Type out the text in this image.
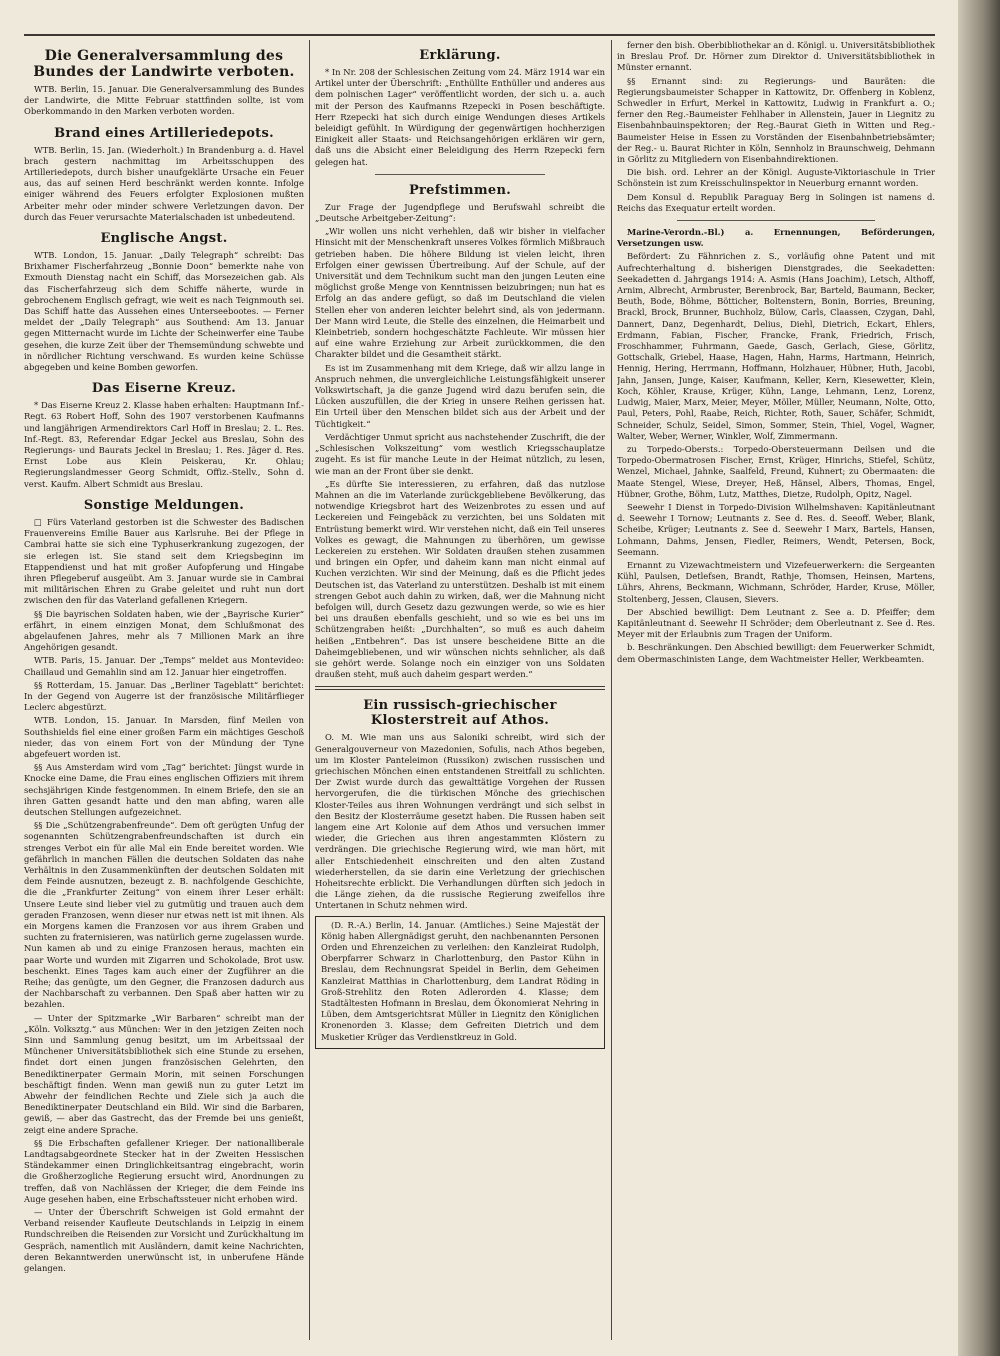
Die Generalversammlung des Bundes der Landwirte verboten.

WTB. Berlin, 15. Januar. Die Generalversammlung des Bundes der Landwirte, die Mitte Februar stattfinden sollte, ist vom Oberkommando in den Marken verboten worden.

Brand eines Artilleriedepots.

WTB. Berlin, 15. Jan. (Wiederholt.) In Brandenburg a. d. Havel brach gestern nachmittag im Arbeitsschuppen des Artilleriedepots, durch bisher unaufgeklärte Ursache ein Feuer aus, das auf seinen Herd beschränkt werden konnte. Infolge einiger während des Feuers erfolgter Explosionen mußten Arbeiter mehr oder minder schwere Verletzungen davon. Der durch das Feuer verursachte Materialschaden ist unbedeutend.

Englische Angst.

WTB. London, 15. Januar. „Daily Telegraph“ schreibt: Das Brixhamer Fischerfahrzeug „Bonnie Doon“ bemerkte nahe von Exmouth Dienstag nacht ein Schiff, das Morsezeichen gab. Als das Fischerfahrzeug sich dem Schiffe näherte, wurde in gebrochenem Englisch gefragt, wie weit es nach Teignmouth sei. Das Schiff hatte das Aussehen eines Unterseebootes. — Ferner meldet der „Daily Telegraph“ aus Southend: Am 13. Januar gegen Mitternacht wurde im Lichte der Scheinwerfer eine Taube gesehen, die kurze Zeit über der Themsemündung schwebte und in nördlicher Richtung verschwand. Es wurden keine Schüsse abgegeben und keine Bomben geworfen.

Das Eiserne Kreuz.

* Das Eiserne Kreuz 2. Klasse haben erhalten: Hauptmann Inf.-Regt. 63 Robert Hoff, Sohn des 1907 verstorbenen Kaufmanns und langjährigen Armendirektors Carl Hoff in Breslau; 2. L. Res. Inf.-Regt. 83, Referendar Edgar Jeckel aus Breslau, Sohn des Regierungs- und Baurats Jeckel in Breslau; 1. Res. Jäger d. Res. Ernst Lobe aus Klein Peiskerau, Kr. Ohlau; Regierungslandmesser Georg Schmidt, Offiz.-Stellv., Sohn d. verst. Kaufm. Albert Schmidt aus Breslau.

Sonstige Meldungen.

□ Fürs Vaterland gestorben ist die Schwester des Badischen Frauenvereins Emilie Bauer aus Karlsruhe. Bei der Pflege in Cambrai hatte sie sich eine Typhuserkrankung zugezogen, der sie erlegen ist. Sie stand seit dem Kriegsbeginn im Etappendienst und hat mit großer Aufopferung und Hingabe ihren Pflegeberuf ausgeübt. Am 3. Januar wurde sie in Cambrai mit militärischen Ehren zu Grabe geleitet und ruht nun dort zwischen den für das Vaterland gefallenen Kriegern.

§§ Die bayrischen Soldaten haben, wie der „Bayrische Kurier“ erfährt, in einem einzigen Monat, dem Schlußmonat des abgelaufenen Jahres, mehr als 7 Millionen Mark an ihre Angehörigen gesandt.

WTB. Paris, 15. Januar. Der „Temps“ meldet aus Montevideo: Chaillaud und Gemahlin sind am 12. Januar hier eingetroffen.

§§ Rotterdam, 15. Januar. Das „Berliner Tageblatt“ berichtet: In der Gegend von Augerre ist der französische Militärflieger Leclerc abgestürzt.

WTB. London, 15. Januar. In Marsden, fünf Meilen von Southshields fiel eine einer großen Farm ein mächtiges Geschoß nieder, das von einem Fort von der Mündung der Tyne abgefeuert worden ist.

§§ Aus Amsterdam wird vom „Tag“ berichtet: Jüngst wurde in Knocke eine Dame, die Frau eines englischen Offiziers mit ihrem sechsjährigen Kinde festgenommen. In einem Briefe, den sie an ihren Gatten gesandt hatte und den man abfing, waren alle deutschen Stellungen aufgezeichnet.

§§ Die „Schützengrabenfreunde“. Dem oft gerügten Unfug der sogenannten Schützengrabenfreundschaften ist durch ein strenges Verbot ein für alle Mal ein Ende bereitet worden. Wie gefährlich in manchen Fällen die deutschen Soldaten das nahe Verhältnis in den Zusammenkünften der deutschen Soldaten mit dem Feinde ausnutzen, bezeugt z. B. nachfolgende Geschichte, die die „Frankfurter Zeitung“ von einem ihrer Leser erhält: Unsere Leute sind lieber viel zu gutmütig und trauen auch dem geraden Franzosen, wenn dieser nur etwas nett ist mit ihnen. Als ein Morgens kamen die Franzosen vor aus ihrem Graben und suchten zu fraternisieren, was natürlich gerne zugelassen wurde. Nun kamen ab und zu einige Franzosen heraus, machten ein paar Worte und wurden mit Zigarren und Schokolade, Brot usw. beschenkt. Eines Tages kam auch einer der Zugführer an die Reihe; das genügte, um den Gegner, die Franzosen dadurch aus der Nachbarschaft zu verbannen. Den Spaß aber hatten wir zu bezahlen.

— Unter der Spitzmarke „Wir Barbaren“ schreibt man der „Köln. Volksztg.“ aus München: Wer in den jetzigen Zeiten noch Sinn und Sammlung genug besitzt, um im Arbeitssaal der Münchener Universitätsbibliothek sich eine Stunde zu ersehen, findet dort einen jungen französischen Gelehrten, den Benediktinerpater Germain Morin, mit seinen Forschungen beschäftigt finden. Wenn man gewiß nun zu guter Letzt im Abwehr der feindlichen Rechte und Ziele sich ja auch die Benediktinerpater Deutschland ein Bild. Wir sind die Barbaren, gewiß, — aber das Gastrecht, das der Fremde bei uns genießt, zeigt eine andere Sprache.

§§ Die Erbschaften gefallener Krieger. Der nationalliberale Landtagsabgeordnete Stecker hat in der Zweiten Hessischen Ständekammer einen Dringlichkeitsantrag eingebracht, worin die Großherzogliche Regierung ersucht wird, Anordnungen zu treffen, daß von Nachlässen der Krieger, die dem Feinde ins Auge gesehen haben, eine Erbschaftssteuer nicht erhoben wird.

— Unter der Überschrift Schweigen ist Gold ermahnt der Verband reisender Kaufleute Deutschlands in Leipzig in einem Rundschreiben die Reisenden zur Vorsicht und Zurückhaltung im Gespräch, namentlich mit Ausländern, damit keine Nachrichten, deren Bekanntwerden unerwünscht ist, in unberufene Hände gelangen.

Erklärung.

* In Nr. 208 der Schlesischen Zeitung vom 24. März 1914 war ein Artikel unter der Überschrift: „Enthüllte Enthüller und anderes aus dem polnischen Lager“ veröffentlicht worden, der sich u. a. auch mit der Person des Kaufmanns Rzepecki in Posen beschäftigte. Herr Rzepecki hat sich durch einige Wendungen dieses Artikels beleidigt gefühlt. In Würdigung der gegenwärtigen hochherzigen Einigkeit aller Staats- und Reichsangehörigen erklären wir gern, daß uns die Absicht einer Beleidigung des Herrn Rzepecki fern gelegen hat.

Prefstimmen.

Zur Frage der Jugendpflege und Berufswahl schreibt die „Deutsche Arbeitgeber-Zeitung“:

„Wir wollen uns nicht verhehlen, daß wir bisher in vielfacher Hinsicht mit der Menschenkraft unseres Volkes förmlich Mißbrauch getrieben haben. Die höhere Bildung ist vielen leicht, ihren Erfolgen einer gewissen Übertreibung. Auf der Schule, auf der Universität und dem Technikum sucht man den jungen Leuten eine möglichst große Menge von Kenntnissen beizubringen; nun hat es Erfolg an das andere gefügt, so daß im Deutschland die vielen Stellen eher von anderen leichter belehrt sind, als von jedermann. Der Mann wird Leute, die Stelle des einzelnen, die Heimarbeit und Kleinbetrieb, sondern hochgeschätzte Fachleute. Wir müssen hier auf eine wahre Erziehung zur Arbeit zurückkommen, die den Charakter bildet und die Gesamtheit stärkt.

Es ist im Zusammenhang mit dem Kriege, daß wir allzu lange in Anspruch nehmen, die unvergleichliche Leistungsfähigkeit unserer Volkswirtschaft, ja die ganze Jugend wird dazu berufen sein, die Lücken auszufüllen, die der Krieg in unsere Reihen gerissen hat. Ein Urteil über den Menschen bildet sich aus der Arbeit und der Tüchtigkeit.“

Verdächtiger Unmut spricht aus nachstehender Zuschrift, die der „Schlesischen Volkszeitung“ vom westlich Kriegsschauplatze zugeht. Es ist für manche Leute in der Heimat nützlich, zu lesen, wie man an der Front über sie denkt.

„Es dürfte Sie interessieren, zu erfahren, daß das nutzlose Mahnen an die im Vaterlande zurückgebliebene Bevölkerung, das notwendige Kriegsbrot hart des Weizenbrotes zu essen und auf Leckereien und Feingebäck zu verzichten, bei uns Soldaten mit Entrüstung bemerkt wird. Wir verstehen nicht, daß ein Teil unseres Volkes es gewagt, die Mahnungen zu überhören, um gewisse Leckereien zu erstehen. Wir Soldaten draußen stehen zusammen und bringen ein Opfer, und daheim kann man nicht einmal auf Kuchen verzichten. Wir sind der Meinung, daß es die Pflicht jedes Deutschen ist, das Vaterland zu unterstützen. Deshalb ist mit einem strengen Gebot auch dahin zu wirken, daß, wer die Mahnung nicht befolgen will, durch Gesetz dazu gezwungen werde, so wie es hier bei uns draußen ebenfalls geschieht, und so wie es bei uns im Schützengraben heißt: „Durchhalten“, so muß es auch daheim heißen „Entbehren“. Das ist unsere bescheidene Bitte an die Daheimgebliebenen, und wir wünschen nichts sehnlicher, als daß sie gehört werde. Solange noch ein einziger von uns Soldaten draußen steht, muß auch daheim gespart werden.“

Ein russisch-griechischer Klosterstreit auf Athos.

O. M. Wie man uns aus Saloniki schreibt, wird sich der Generalgouverneur von Mazedonien, Sofulis, nach Athos begeben, um im Kloster Panteleimon (Russikon) zwischen russischen und griechischen Mönchen einen entstandenen Streitfall zu schlichten. Der Zwist wurde durch das gewalttätige Vorgehen der Russen hervorgerufen, die die türkischen Mönche des griechischen Kloster-Teiles aus ihren Wohnungen verdrängt und sich selbst in den Besitz der Klosterräume gesetzt haben. Die Russen haben seit langem eine Art Kolonie auf dem Athos und versuchen immer wieder, die Griechen aus ihren angestammten Klöstern zu verdrängen. Die griechische Regierung wird, wie man hört, mit aller Entschiedenheit einschreiten und den alten Zustand wiederherstellen, da sie darin eine Verletzung der griechischen Hoheitsrechte erblickt. Die Verhandlungen dürften sich jedoch in die Länge ziehen, da die russische Regierung zweifellos ihre Untertanen in Schutz nehmen wird.

(D. R.-A.) Berlin, 14. Januar. (Amtliches.) Seine Majestät der König haben Allergnädigst geruht, den nachbenannten Personen Orden und Ehrenzeichen zu verleihen: den Kanzleirat Rudolph, Oberpfarrer Schwarz in Charlottenburg, den Pastor Kühn in Breslau, dem Rechnungsrat Speidel in Berlin, dem Geheimen Kanzleirat Matthias in Charlottenburg, dem Landrat Röding in Groß-Strehlitz den Roten Adlerorden 4. Klasse; dem Stadtältesten Hofmann in Breslau, dem Ökonomierat Nehring in Lüben, dem Amtsgerichtsrat Müller in Liegnitz den Königlichen Kronenorden 3. Klasse; dem Gefreiten Dietrich und dem Musketier Krüger das Verdienstkreuz in Gold.

ferner den bish. Oberbibliothekar an d. Königl. u. Universitätsbibliothek in Breslau Prof. Dr. Hörner zum Direktor d. Universitätsbibliothek in Münster ernannt.

§§ Ernannt sind: zu Regierungs- und Bauräten: die Regierungsbaumeister Schapper in Kattowitz, Dr. Offenberg in Koblenz, Schwedler in Erfurt, Merkel in Kattowitz, Ludwig in Frankfurt a. O.; ferner den Reg.-Baumeister Fehlhaber in Allenstein, Jauer in Liegnitz zu Eisenbahnbauinspektoren; der Reg.-Baurat Gieth in Witten und Reg.-Baumeister Heise in Essen zu Vorständen der Eisenbahnbetriebsämter; der Reg.- u. Baurat Richter in Köln, Sennholz in Braunschweig, Dehmann in Görlitz zu Mitgliedern von Eisenbahndirektionen.

Die bish. ord. Lehrer an der Königl. Auguste-Viktoriaschule in Trier Schönstein ist zum Kreisschulinspektor in Neuerburg ernannt worden.

Dem Konsul d. Republik Paraguay Berg in Solingen ist namens d. Reichs das Exequatur erteilt worden.

Marine-Verordn.-Bl.) a. Ernennungen, Beförderungen, Versetzungen usw.

Befördert: Zu Fähnrichen z. S., vorläufig ohne Patent und mit Aufrechterhaltung d. bisherigen Dienstgrades, die Seekadetten: Seekadetten d. Jahrgangs 1914: A. Asmis (Hans Joachim), Letsch, Althoff, Arnim, Albrecht, Armbruster, Berenbrock, Bar, Barteld, Baumann, Becker, Beuth, Bode, Böhme, Bötticher, Boltenstern, Bonin, Borries, Breuning, Brackl, Brock, Brunner, Buchholz, Bülow, Carls, Claassen, Czygan, Dahl, Dannert, Danz, Degenhardt, Delius, Diehl, Dietrich, Eckart, Ehlers, Erdmann, Fabian, Fischer, Francke, Frank, Friedrich, Frisch, Froschhammer, Fuhrmann, Gaede, Gasch, Gerlach, Giese, Görlitz, Gottschalk, Griebel, Haase, Hagen, Hahn, Harms, Hartmann, Heinrich, Hennig, Hering, Herrmann, Hoffmann, Holzhauer, Hübner, Huth, Jacobi, Jahn, Jansen, Junge, Kaiser, Kaufmann, Keller, Kern, Kiesewetter, Klein, Koch, Köhler, Krause, Krüger, Kühn, Lange, Lehmann, Lenz, Lorenz, Ludwig, Maier, Marx, Meier, Meyer, Möller, Müller, Neumann, Nolte, Otto, Paul, Peters, Pohl, Raabe, Reich, Richter, Roth, Sauer, Schäfer, Schmidt, Schneider, Schulz, Seidel, Simon, Sommer, Stein, Thiel, Vogel, Wagner, Walter, Weber, Werner, Winkler, Wolf, Zimmermann.

zu Torpedo-Obersts.: Torpedo-Obersteuermann Deilsen und die Torpedo-Obermatrosen Fischer, Ernst, Krüger, Hinrichs, Stiefel, Schütz, Wenzel, Michael, Jahnke, Saalfeld, Freund, Kuhnert; zu Obermaaten: die Maate Stengel, Wiese, Dreyer, Heß, Hänsel, Albers, Thomas, Engel, Hübner, Grothe, Böhm, Lutz, Matthes, Dietze, Rudolph, Opitz, Nagel.

Seewehr I Dienst in Torpedo-Division Wilhelmshaven: Kapitänleutnant d. Seewehr I Tornow; Leutnants z. See d. Res. d. Seeoff. Weber, Blank, Scheibe, Krüger; Leutnants z. See d. Seewehr I Marx, Bartels, Hansen, Lohmann, Dahms, Jensen, Fiedler, Reimers, Wendt, Petersen, Bock, Seemann.

Ernannt zu Vizewachtmeistern und Vizefeuerwerkern: die Sergeanten Kühl, Paulsen, Detlefsen, Brandt, Rathje, Thomsen, Heinsen, Martens, Lührs, Ahrens, Beckmann, Wichmann, Schröder, Harder, Kruse, Möller, Stoltenberg, Jessen, Clausen, Sievers.

Der Abschied bewilligt: Dem Leutnant z. See a. D. Pfeiffer; dem Kapitänleutnant d. Seewehr II Schröder; dem Oberleutnant z. See d. Res. Meyer mit der Erlaubnis zum Tragen der Uniform.

b. Beschränkungen. Den Abschied bewilligt: dem Feuerwerker Schmidt, dem Obermaschinisten Lange, dem Wachtmeister Heller, Werkbeamten.
